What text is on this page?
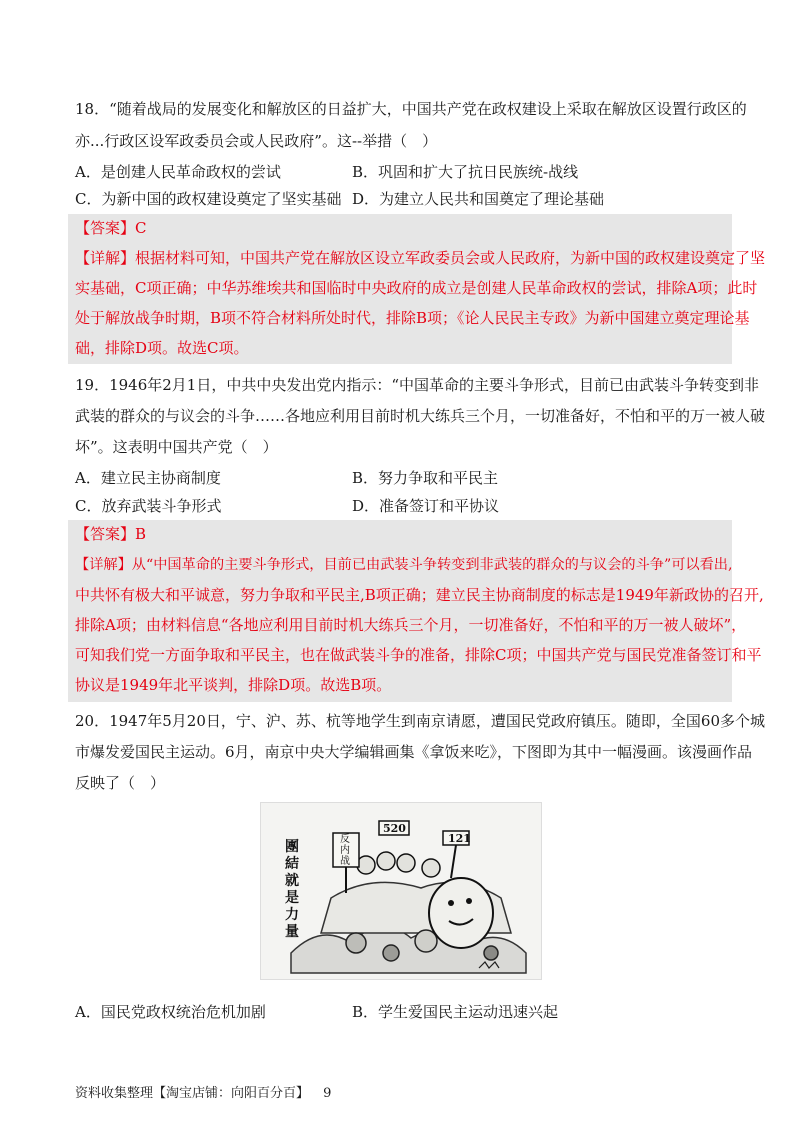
18．“随着战局的发展变化和解放区的日益扩大，中国共产党在政权建设上采取在解放区设置行政区的
亦...行政区设军政委员会或人民政府”。这--举措（　）
A．是创建人民革命政权的尝试	B．巩固和扩大了抗日民族统-战线
C．为新中国的政权建设奠定了坚实基础 D．为建立人民共和国奠定了理论基础
【答案】C
【详解】根据材料可知，中国共产党在解放区设立军政委员会或人民政府，为新中国的政权建设奠定了坚
实基础，C项正确；中华苏维埃共和国临时中央政府的成立是创建人民革命政权的尝试，排除A项；此时
处于解放战争时期，B项不符合材料所处时代，排除B项；《论人民民主专政》为新中国建立奠定理论基
础，排除D项。故选C项。
19．1946年2月1日，中共中央发出党内指示：“中国革命的主要斗争形式，目前已由武装斗争转变到非
武装的群众的与议会的斗争……各地应利用目前时机大练兵三个月，一切准备好，不怕和平的万一被人破
坏”。这表明中国共产党（　）
A．建立民主协商制度	B．努力争取和平民主
C．放弃武装斗争形式	D．准备签订和平协议
【答案】B
【详解】从“中国革命的主要斗争形式，目前已由武装斗争转变到非武装的群众的与议会的斗争”可以看出,
中共怀有极大和平诚意，努力争取和平民主,B项正确；建立民主协商制度的标志是1949年新政协的召开,
排除A项；由材料信息“各地应利用目前时机大练兵三个月，一切准备好，不怕和平的万一被人破坏”，
可知我们党一方面争取和平民主，也在做武装斗争的准备，排除C项；中国共产党与国民党准备签订和平
协议是1949年北平谈判，排除D项。故选B项。
20．1947年5月20日，宁、沪、苏、杭等地学生到南京请愿，遭国民党政府镇压。随即，全国60多个城
市爆发爱国民主运动。6月，南京中央大学编辑画集《拿饭来吃》，下图即为其中一幅漫画。该漫画作品
反映了（　）
團結就是力量
反内战
520
121
A．国民党政权统治危机加剧	B．学生爱国民主运动迅速兴起
资料收集整理【淘宝店铺：向阳百分百】 9
